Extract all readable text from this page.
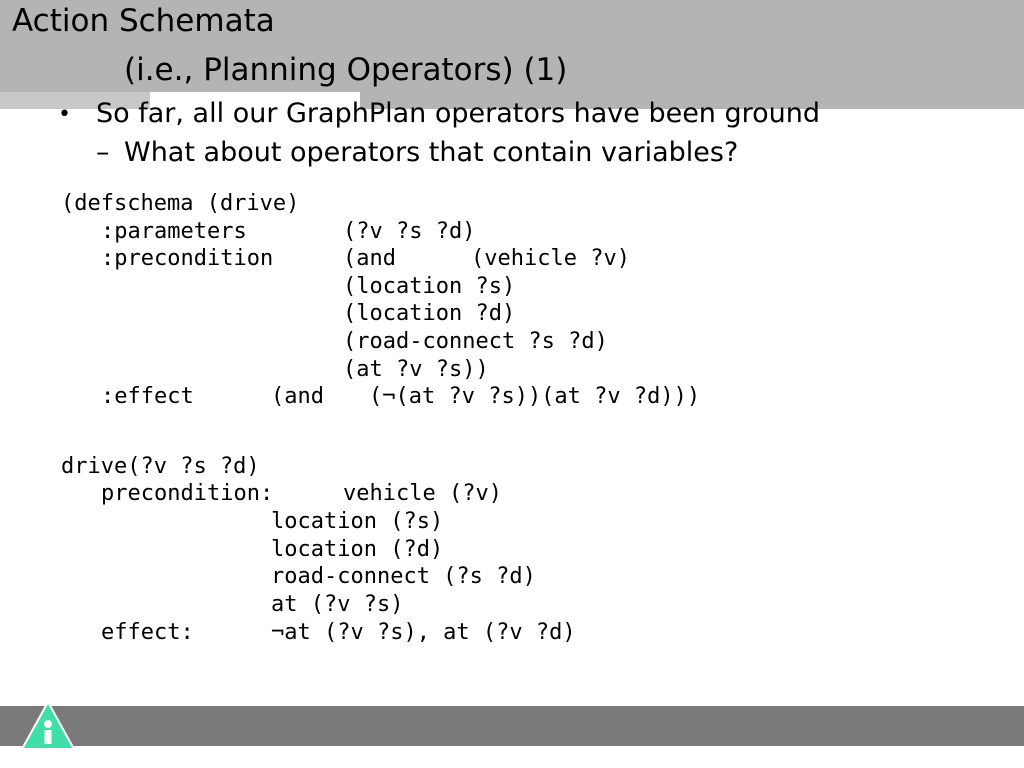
Action Schemata
(i.e., Planning Operators) (1)
• So far, all our GraphPlan operators have been ground
– What about operators that contain variables?
(defschema (drive)
:parameters	(?v ?s ?d)
:precondition	(and	(vehicle ?v)
(location ?s)
(location ?d)
(road-connect ?s ?d)
(at ?v ?s))
:effect	(and (¬(at ?v ?s))(at ?v ?d)))
drive(?v ?s ?d)
precondition:	vehicle (?v)
location (?s)
location (?d)
road-connect (?s ?d)
at (?v ?s)
effect:	¬at (?v ?s), at (?v ?d)
